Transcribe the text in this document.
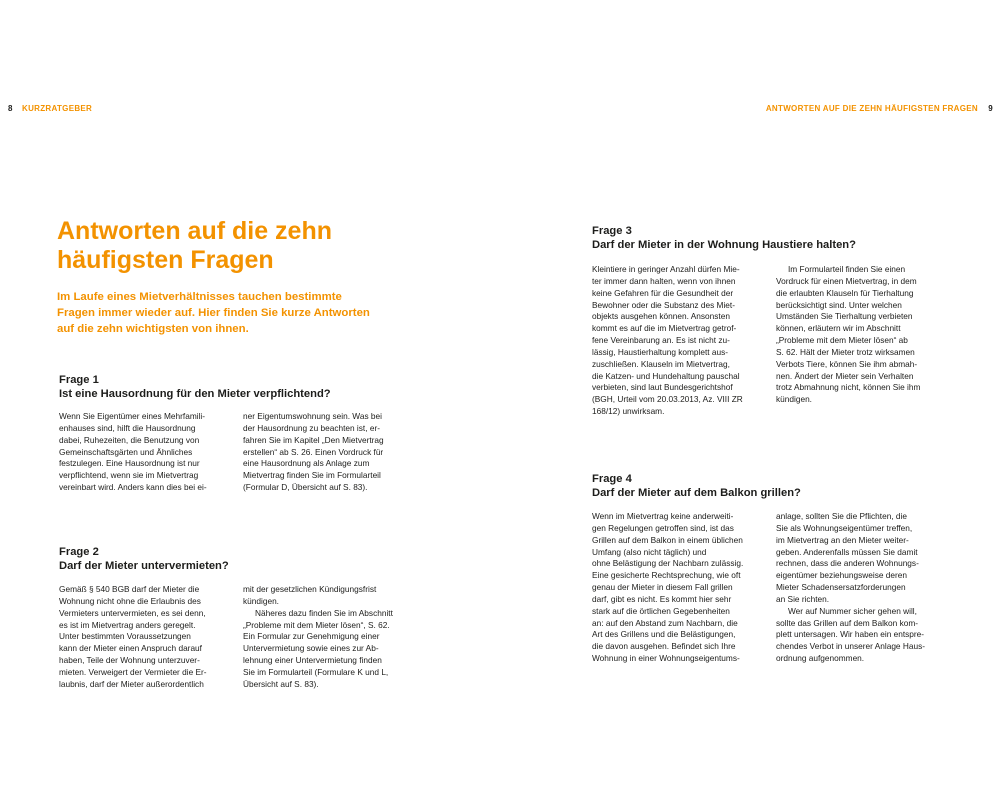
8 KURZRATGEBER	ANTWORTEN AUF DIE ZEHN HÄUFIGSTEN FRAGEN 9
Antworten auf die zehn
häufigsten Fragen
Im Laufe eines Mietverhältnisses tauchen bestimmte
Fragen immer wieder auf. Hier finden Sie kurze Antworten
auf die zehn wichtigsten von ihnen.
Frage 1
Ist eine Hausordnung für den Mieter verpflichtend?
Frage 2
Darf der Mieter untervermieten?
Frage 3
Darf der Mieter in der Wohnung Haustiere halten?
Frage 4
Darf der Mieter auf dem Balkon grillen?

Wenn Sie Eigentümer eines Mehrfamili-

enhauses sind, hilft die Hausordnung

dabei, Ruhezeiten, die Benutzung von

Gemeinschaftsgärten und Ähnliches

festzulegen. Eine Hausordnung ist nur

verpflichtend, wenn sie im Mietvertrag

vereinbart wird. Anders kann dies bei ei-

ner Eigentumswohnung sein. Was bei

der Hausordnung zu beachten ist, er-

fahren Sie im Kapitel „Den Mietvertrag

erstellen“ ab S. 26. Einen Vordruck für

eine Hausordnung als Anlage zum

Mietvertrag finden Sie im Formularteil

(Formular D, Übersicht auf S. 83).

Gemäß § 540 BGB darf der Mieter die

Wohnung nicht ohne die Erlaubnis des

Vermieters untervermieten, es sei denn,

es ist im Mietvertrag anders geregelt.

Unter bestimmten Voraussetzungen

kann der Mieter einen Anspruch darauf

haben, Teile der Wohnung unterzuver-

mieten. Verweigert der Vermieter die Er-

laubnis, darf der Mieter außerordentlich

mit der gesetzlichen Kündigungsfrist

kündigen.

Näheres dazu finden Sie im Abschnitt

„Probleme mit dem Mieter lösen“, S. 62.

Ein Formular zur Genehmigung einer

Untervermietung sowie eines zur Ab-

lehnung einer Untervermietung finden

Sie im Formularteil (Formulare K und L,

Übersicht auf S. 83).

Kleintiere in geringer Anzahl dürfen Mie-

ter immer dann halten, wenn von ihnen

keine Gefahren für die Gesundheit der

Bewohner oder die Substanz des Miet-

objekts ausgehen können. Ansonsten

kommt es auf die im Mietvertrag getrof-

fene Vereinbarung an. Es ist nicht zu-

lässig, Haustierhaltung komplett aus-

zuschließen. Klauseln im Mietvertrag,

die Katzen- und Hundehaltung pauschal

verbieten, sind laut Bundesgerichtshof

(BGH, Urteil vom 20.03.2013, Az. VIII ZR

168/12) unwirksam.

Im Formularteil finden Sie einen

Vordruck für einen Mietvertrag, in dem

die erlaubten Klauseln für Tierhaltung

berücksichtigt sind. Unter welchen

Umständen Sie Tierhaltung verbieten

können, erläutern wir im Abschnitt

„Probleme mit dem Mieter lösen“ ab

S. 62. Hält der Mieter trotz wirksamen

Verbots Tiere, können Sie ihm abmah-

nen. Ändert der Mieter sein Verhalten

trotz Abmahnung nicht, können Sie ihm

kündigen.

Wenn im Mietvertrag keine anderweiti-

gen Regelungen getroffen sind, ist das

Grillen auf dem Balkon in einem üblichen

Umfang (also nicht täglich) und

ohne Belästigung der Nachbarn zulässig.

Eine gesicherte Rechtsprechung, wie oft

genau der Mieter in diesem Fall grillen

darf, gibt es nicht. Es kommt hier sehr

stark auf die örtlichen Gegebenheiten

an: auf den Abstand zum Nachbarn, die

Art des Grillens und die Belästigungen,

die davon ausgehen. Befindet sich Ihre

Wohnung in einer Wohnungseigentums-

anlage, sollten Sie die Pflichten, die

Sie als Wohnungseigentümer treffen,

im Mietvertrag an den Mieter weiter-

geben. Anderenfalls müssen Sie damit

rechnen, dass die anderen Wohnungs-

eigentümer beziehungsweise deren

Mieter Schadensersatzforderungen

an Sie richten.

Wer auf Nummer sicher gehen will,

sollte das Grillen auf dem Balkon kom-

plett untersagen. Wir haben ein entspre-

chendes Verbot in unserer Anlage Haus-

ordnung aufgenommen.
